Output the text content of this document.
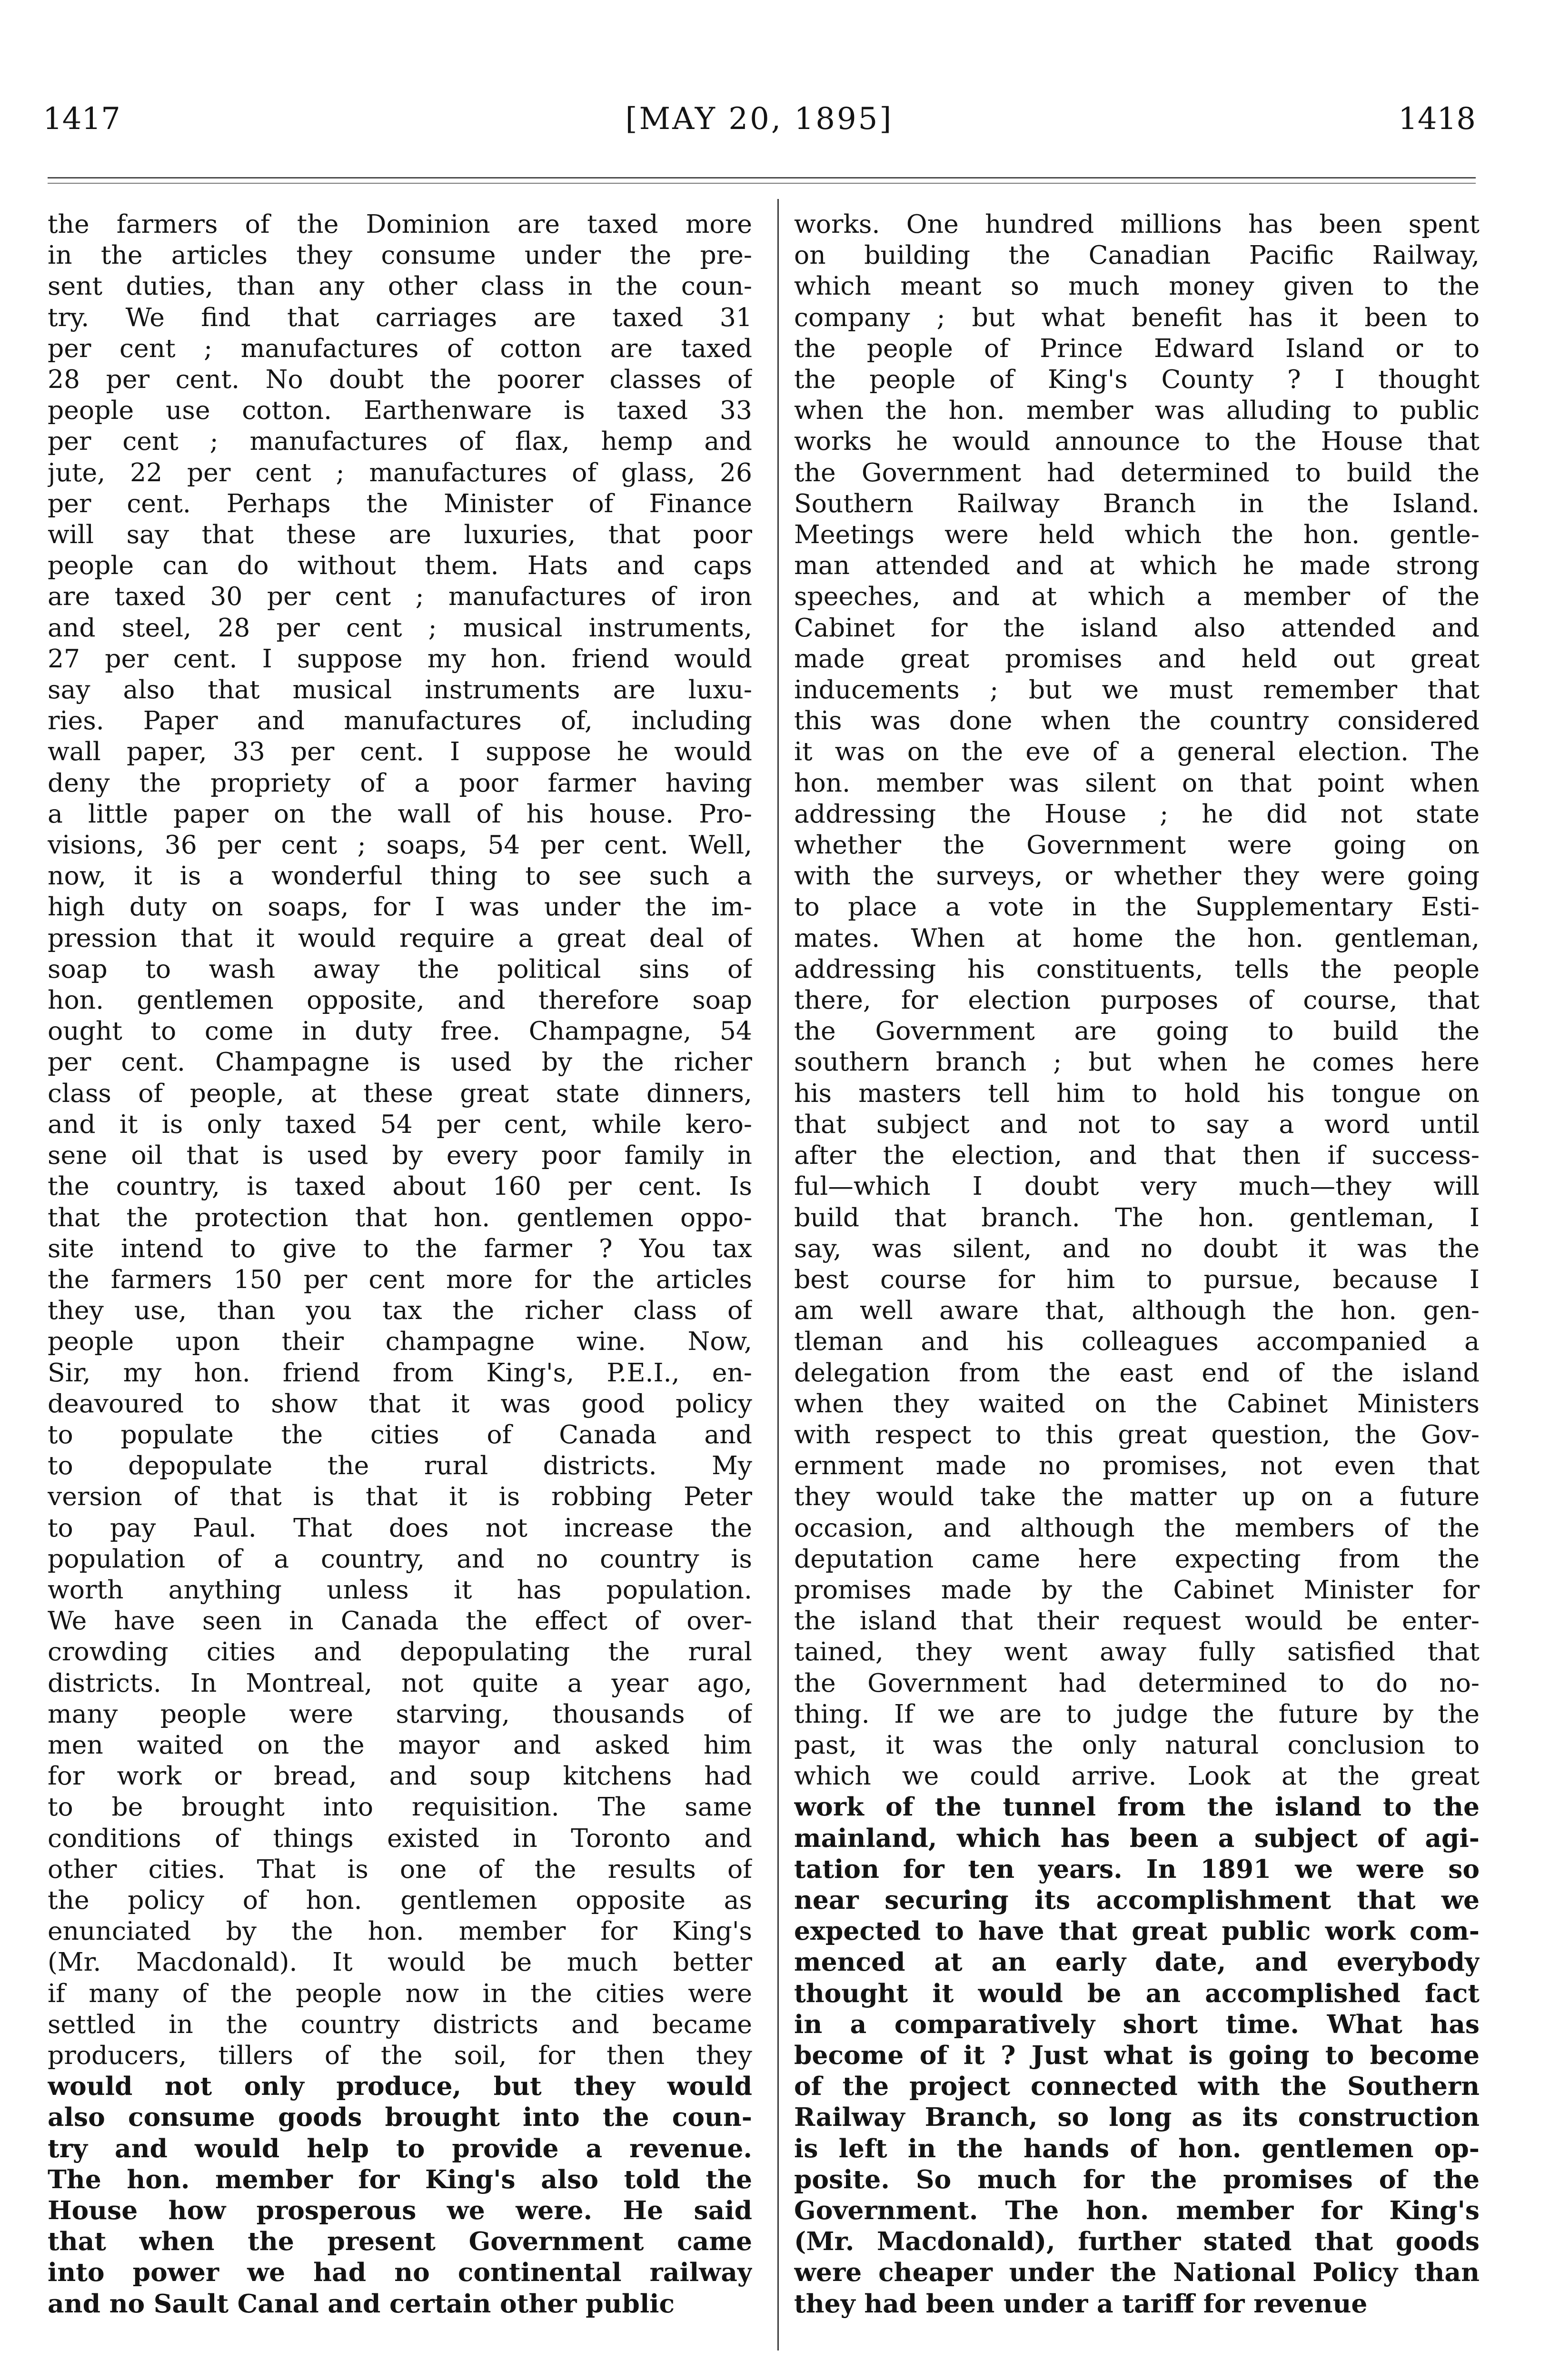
1417	[MAY 20, 1895]	1418
the farmers of the Dominion are taxed more
in the articles they consume under the pre-
sent duties, than any other class in the coun-
try. We find that carriages are taxed 31
per cent ; manufactures of cotton are taxed
28 per cent. No doubt the poorer classes of
people use cotton. Earthenware is taxed 33
per cent ; manufactures of flax, hemp and
jute, 22 per cent ; manufactures of glass, 26
per cent. Perhaps the Minister of Finance
will say that these are luxuries, that poor
people can do without them. Hats and caps
are taxed 30 per cent ; manufactures of iron
and steel, 28 per cent ; musical instruments,
27 per cent. I suppose my hon. friend would
say also that musical instruments are luxu-
ries. Paper and manufactures of, including
wall paper, 33 per cent. I suppose he would
deny the propriety of a poor farmer having
a little paper on the wall of his house. Pro-
visions, 36 per cent ; soaps, 54 per cent. Well,
now, it is a wonderful thing to see such a
high duty on soaps, for I was under the im-
pression that it would require a great deal of
soap to wash away the political sins of
hon. gentlemen opposite, and therefore soap
ought to come in duty free. Champagne, 54
per cent. Champagne is used by the richer
class of people, at these great state dinners,
and it is only taxed 54 per cent, while kero-
sene oil that is used by every poor family in
the country, is taxed about 160 per cent. Is
that the protection that hon. gentlemen oppo-
site intend to give to the farmer ? You tax
the farmers 150 per cent more for the articles
they use, than you tax the richer class of
people upon their champagne wine. Now,
Sir, my hon. friend from King's, P.E.I., en-
deavoured to show that it was good policy
to populate the cities of Canada and
to depopulate the rural districts. My
version of that is that it is robbing Peter
to pay Paul. That does not increase the
population of a country, and no country is
worth anything unless it has population.
We have seen in Canada the effect of over-
crowding cities and depopulating the rural
districts. In Montreal, not quite a year ago,
many people were starving, thousands of
men waited on the mayor and asked him
for work or bread, and soup kitchens had
to be brought into requisition. The same
conditions of things existed in Toronto and
other cities. That is one of the results of
the policy of hon. gentlemen opposite as
enunciated by the hon. member for King's
(Mr. Macdonald). It would be much better
if many of the people now in the cities were
settled in the country districts and became
producers, tillers of the soil, for then they
would not only produce, but they would
also consume goods brought into the coun-
try and would help to provide a revenue.
The hon. member for King's also told the
House how prosperous we were. He said
that when the present Government came
into power we had no continental railway
and no Sault Canal and certain other public
works. One hundred millions has been spent
on building the Canadian Pacific Railway,
which meant so much money given to the
company ; but what benefit has it been to
the people of Prince Edward Island or to
the people of King's County ? I thought
when the hon. member was alluding to public
works he would announce to the House that
the Government had determined to build the
Southern Railway Branch in the Island.
Meetings were held which the hon. gentle-
man attended and at which he made strong
speeches, and at which a member of the
Cabinet for the island also attended and
made great promises and held out great
inducements ; but we must remember that
this was done when the country considered
it was on the eve of a general election. The
hon. member was silent on that point when
addressing the House ; he did not state
whether the Government were going on
with the surveys, or whether they were going
to place a vote in the Supplementary Esti-
mates. When at home the hon. gentleman,
addressing his constituents, tells the people
there, for election purposes of course, that
the Government are going to build the
southern branch ; but when he comes here
his masters tell him to hold his tongue on
that subject and not to say a word until
after the election, and that then if success-
ful—which I doubt very much—they will
build that branch. The hon. gentleman, I
say, was silent, and no doubt it was the
best course for him to pursue, because I
am well aware that, although the hon. gen-
tleman and his colleagues accompanied a
delegation from the east end of the island
when they waited on the Cabinet Ministers
with respect to this great question, the Gov-
ernment made no promises, not even that
they would take the matter up on a future
occasion, and although the members of the
deputation came here expecting from the
promises made by the Cabinet Minister for
the island that their request would be enter-
tained, they went away fully satisfied that
the Government had determined to do no-
thing. If we are to judge the future by the
past, it was the only natural conclusion to
which we could arrive. Look at the great
work of the tunnel from the island to the
mainland, which has been a subject of agi-
tation for ten years. In 1891 we were so
near securing its accomplishment that we
expected to have that great public work com-
menced at an early date, and everybody
thought it would be an accomplished fact
in a comparatively short time. What has
become of it ? Just what is going to become
of the project connected with the Southern
Railway Branch, so long as its construction
is left in the hands of hon. gentlemen op-
posite. So much for the promises of the
Government. The hon. member for King's
(Mr. Macdonald), further stated that goods
were cheaper under the National Policy than
they had been under a tariff for revenue
